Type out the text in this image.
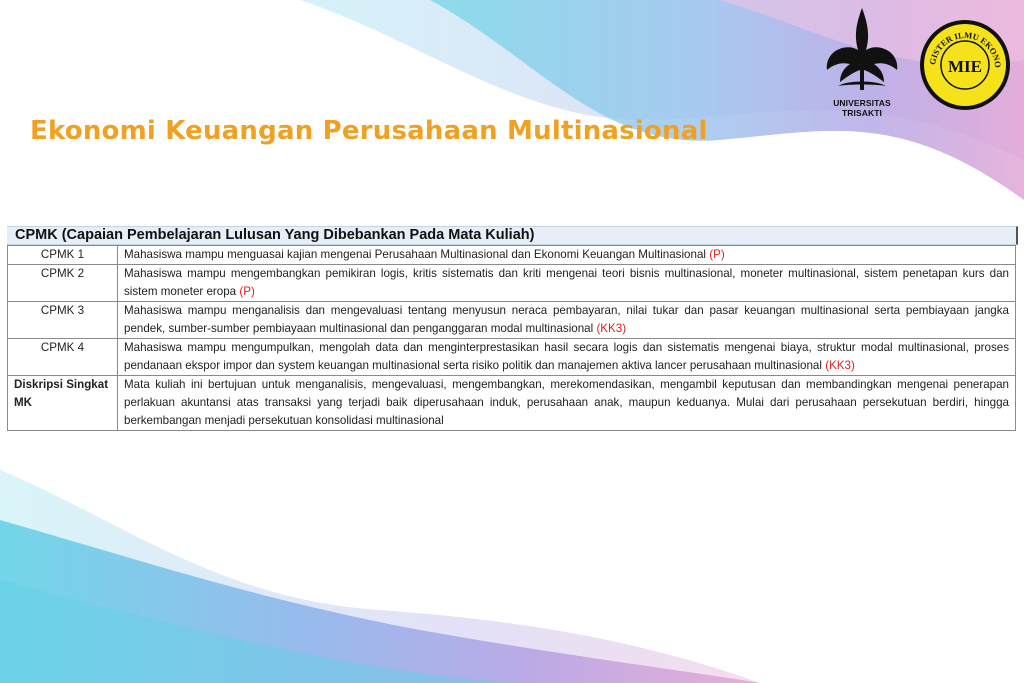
UNIVERSITAS TRISAKTI
GISTER ILMU EKONO
MIE
Ekonomi Keuangan Perusahaan Multinasional
CPMK (Capaian Pembelajaran Lulusan Yang Dibebankan Pada Mata Kuliah)
CPMK 1	Mahasiswa mampu menguasai kajian mengenai Perusahaan Multinasional dan Ekonomi Keuangan Multinasional (P)
CPMK 2	Mahasiswa mampu mengembangkan pemikiran logis, kritis sistematis dan kriti mengenai teori bisnis multinasional, moneter multinasional, sistem penetapan kurs dan sistem moneter eropa (P)
CPMK 3	Mahasiswa mampu menganalisis dan mengevaluasi tentang menyusun neraca pembayaran, nilai tukar dan pasar keuangan multinasional serta pembiayaan jangka pendek, sumber-sumber pembiayaan multinasional dan penganggaran modal multinasional (KK3)
CPMK 4	Mahasiswa mampu mengumpulkan, mengolah data dan menginterprestasikan hasil secara logis dan sistematis mengenai biaya, struktur modal multinasional, proses pendanaan ekspor impor dan system keuangan multinasional serta risiko politik dan manajemen aktiva lancer perusahaan multinasional (KK3)
Diskripsi Singkat MK	Mata kuliah ini bertujuan untuk menganalisis, mengevaluasi, mengembangkan, merekomendasikan, mengambil keputusan dan membandingkan mengenai penerapan perlakuan akuntansi atas transaksi yang terjadi baik diperusahaan induk, perusahaan anak, maupun keduanya. Mulai dari perusahaan persekutuan berdiri, hingga berkembangan menjadi persekutuan konsolidasi multinasional
